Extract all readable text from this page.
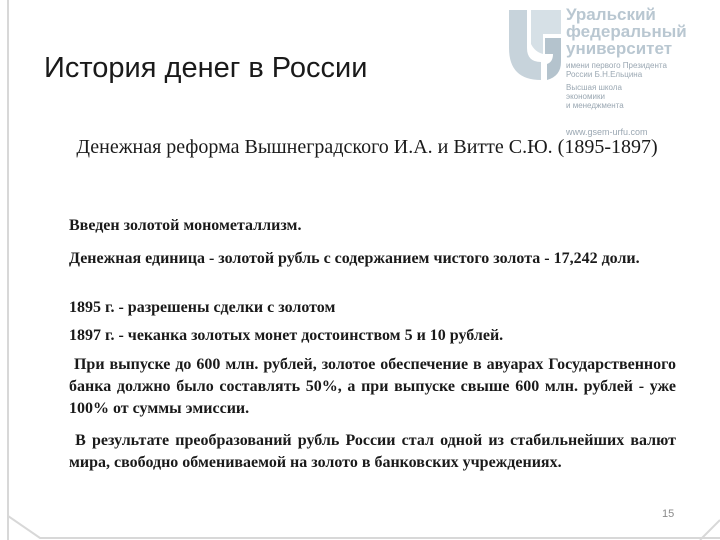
Уральский
федеральный
университет
имени первого Президента
России Б.Н.Ельцина
Высшая школа
экономики
и менеджмента
www.gsem-urfu.com
История денег в России

Денежная реформа Вышнеградского И.А. и Витте С.Ю. (1895-1897)

Введен золотой монометаллизм.

Денежная единица - золотой рубль с содержанием чистого золота - 17,242 доли.

1895 г. - разрешены сделки с золотом

1897 г. - чеканка золотых монет достоинством 5 и 10 рублей.

При выпуске до 600 млн. рублей, золотое обеспечение в авуарах Государственного банка должно было составлять 50%, а при выпуске свыше 600 млн. рублей - уже 100% от суммы эмиссии.

В результате преобразований рубль России стал одной из стабильнейших валют мира, свободно обмениваемой на золото в банковских учреждениях.

15
